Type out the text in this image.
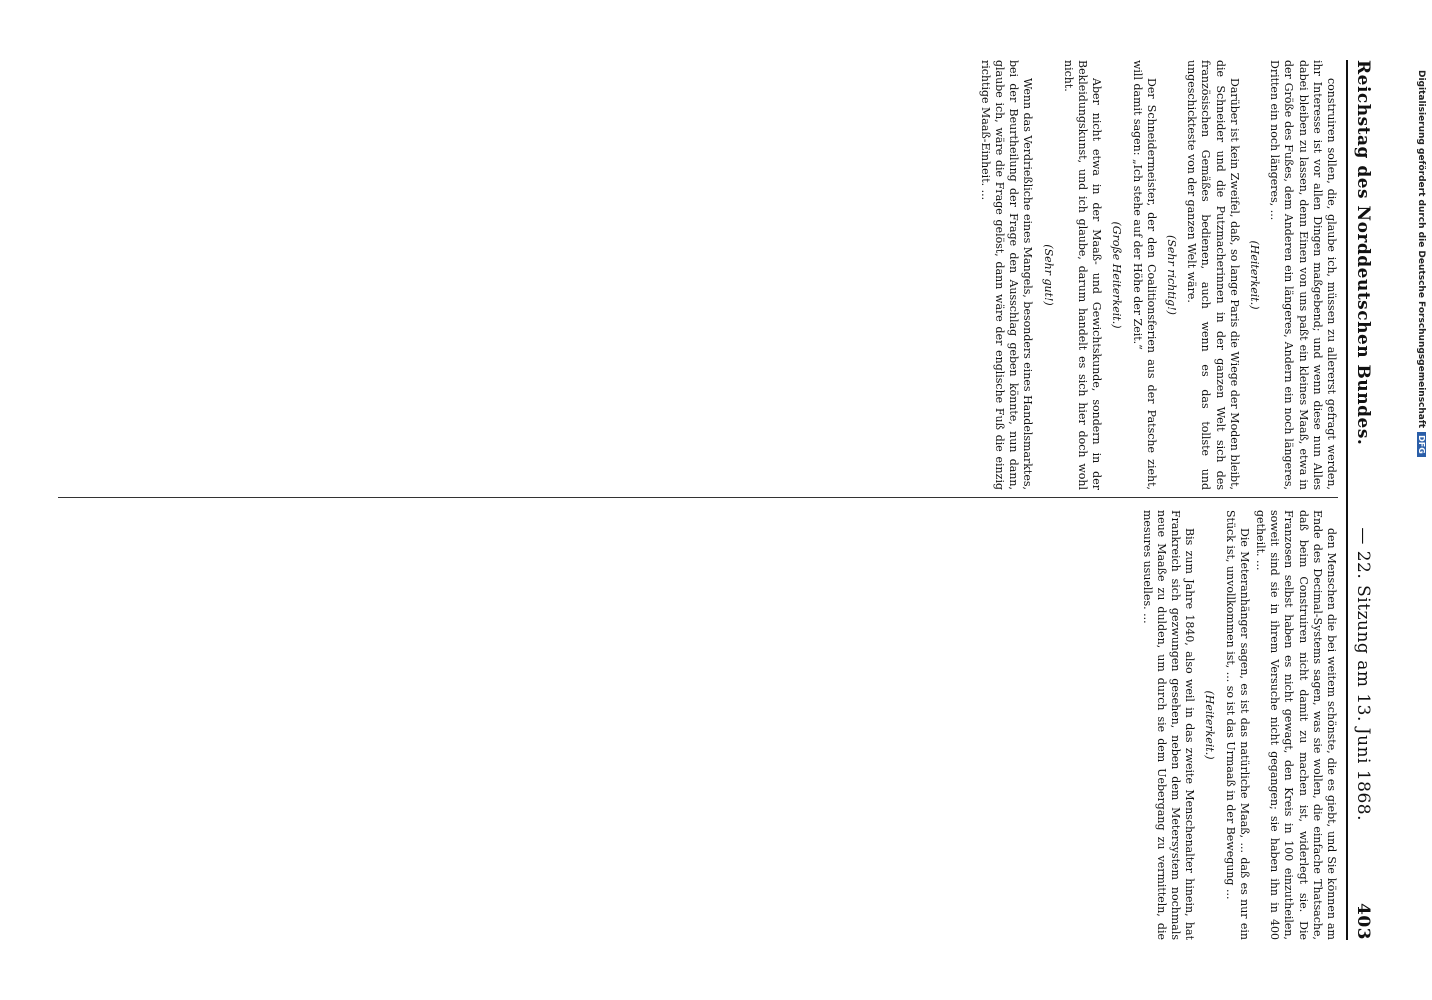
Reichstag des Norddeutschen Bundes.
— 22. Sitzung am 13. Juni 1868.
403

construiren sollen, die, glaube ich, müssen zu allererst gefragt werden, ihr Interesse ist vor allen Dingen maßgebend; und wenn diese nun Alles dabei bleiben zu lassen, denn Einen von uns paßt ein kleines Maaß, etwa in der Größe des Fußes, dem Anderen ein längeres, Andern ein noch längeres, Dritten ein noch längeres, ...

(Heiterkeit.)

Darüber ist kein Zweifel, daß, so lange Paris die Wiege der Moden bleibt, die Schneider und die Putzmacherinnen in der ganzen Welt sich des französischen Gemäßes bedienen, auch wenn es das tollste und ungeschickteste von der ganzen Welt wäre.

(Sehr richtig!)

Der Schneidermeister, der den Coalitionsferien aus der Patsche zieht, will damit sagen: „Ich stehe auf der Höhe der Zeit.“

(Große Heiterkeit.)

Aber nicht etwa in der Maaß- und Gewichtskunde, sondern in der Bekleidungskunst, und ich glaube, darum handelt es sich hier doch wohl nicht.

(Sehr gut!)

Wenn das Verdrießliche eines Mangels, besonders eines Handelsmarktes, bei der Beurtheilung der Frage den Ausschlag geben könnte, nun dann, glaube ich, wäre die Frage gelöst, dann wäre der englische Fuß die einzig richtige Maaß-Einheit. ...

den Menschen die bei weitem schönste, die es giebt, und Sie können am Ende des Decimal-Systems sagen, was sie wollen, die einfache Thatsache, daß beim Construiren nicht damit zu machen ist, widerlegt sie. Die Franzosen selbst haben es nicht gewagt, den Kreis in 100 einzutheilen, soweit sind sie in ihrem Versuche nicht gegangen; sie haben ihn in 400 getheilt. ...

Die Meteranhänger sagen, es ist das natürliche Maaß, ... daß es nur ein Stück ist, unvollkommen ist, ... so ist das Urmaaß in der Bewegung ...

(Heiterkeit.)

Bis zum Jahre 1840, also weil in das zweite Menschenalter hinein, hat Frankreich sich gezwungen gesehen, neben dem Metersystem nochmals neue Maaße zu dulden, um durch sie dem Uebergang zu vermitteln, die mesures usuelles. ...

Digitalisierung gefördert durch die Deutsche ForschungsgemeinschaftDFG
